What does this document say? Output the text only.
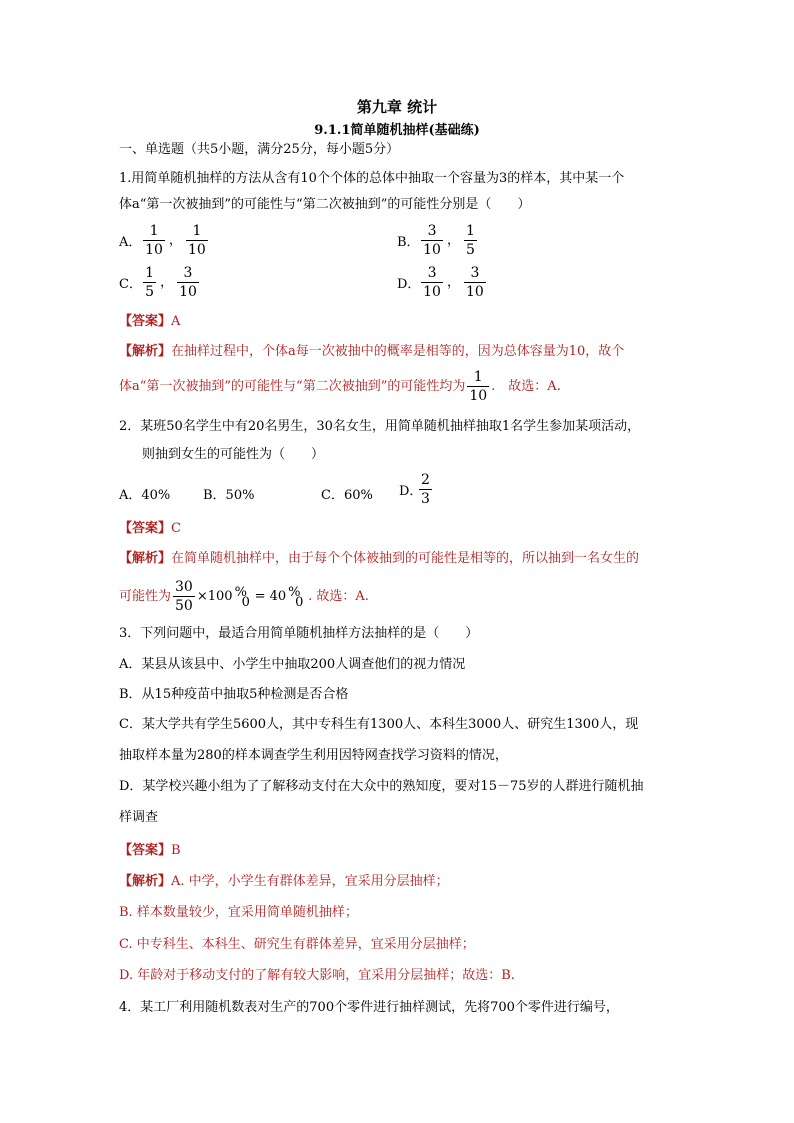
第九章 统计
9.1.1简单随机抽样(基础练)
一、单选题（共5小题，满分25分，每小题5分）
1.用简单随机抽样的方法从含有10个个体的总体中抽取一个容量为3的样本，其中某一个
体a“第一次被抽到”的可能性与“第二次被抽到”的可能性分别是（　　）
A． $\frac{1}{10}$ ， $\frac{1}{10}$	B． $\frac{3}{10}$ ， $\frac{1}{5}$
C． $\frac{1}{5}$ ， $\frac{3}{10}$	D． $\frac{3}{10}$ ， $\frac{3}{10}$
【答案】A
【解析】在抽样过程中，个体a每一次被抽中的概率是相等的，因为总体容量为10，故个
体a“第一次被抽到”的可能性与“第二次被抽到”的可能性均为 $\frac{1}{10}$ .　故选：A.
2．某班50名学生中有20名男生，30名女生，用简单随机抽样抽取1名学生参加某项活动，
则抽到女生的可能性为（　　）
A．40%	B．50%	C．60% D．
$\frac{2}{3}$
【答案】C
【解析】在简单随机抽样中，由于每个个体被抽到的可能性是相等的，所以抽到一名女生的
可能性为 $\frac{30}{50} \times 100$ %
0 = 40 %
0 . 故选：A.
3．下列问题中，最适合用简单随机抽样方法抽样的是（　　）
A．某县从该县中、小学生中抽取200人调查他们的视力情况
B．从15种疫苗中抽取5种检测是否合格
C．某大学共有学生5600人，其中专科生有1300人、本科生3000人、研究生1300人，现
抽取样本量为280的样本调查学生利用因特网查找学习资料的情况，
D．某学校兴趣小组为了了解移动支付在大众中的熟知度，要对15－75岁的人群进行随机抽
样调查
【答案】B
【解析】A. 中学，小学生有群体差异，宜采用分层抽样；
B. 样本数量较少，宜采用简单随机抽样；
C. 中专科生、本科生、研究生有群体差异，宜采用分层抽样；
D. 年龄对于移动支付的了解有较大影响，宜采用分层抽样；故选：B.
4．某工厂利用随机数表对生产的700个零件进行抽样测试，先将700个零件进行编号，
